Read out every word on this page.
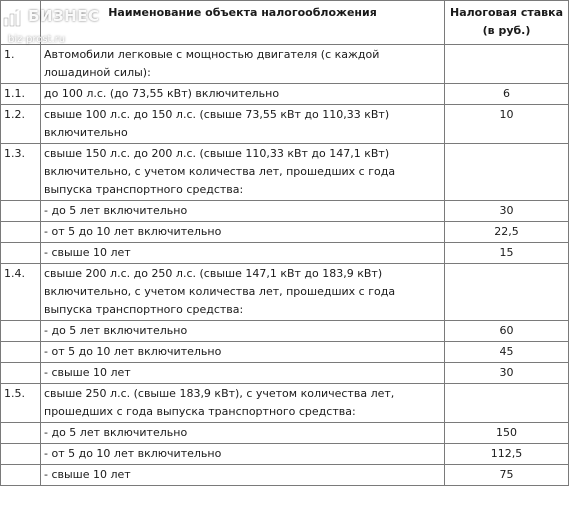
	Наименование объекта налогообложения	Налоговая ставка (в руб.)
1.	Автомобили легковые с мощностью двигателя (с каждой лошадиной силы):	
1.1.	до 100 л.с. (до 73,55 кВт) включительно	6
1.2.	свыше 100 л.с. до 150 л.с. (свыше 73,55 кВт до 110,33 кВт) включительно	10
1.3.	свыше 150 л.с. до 200 л.с. (свыше 110,33 кВт до 147,1 кВт) включительно, с учетом количества лет, прошедших с года выпуска транспортного средства:	
	- до 5 лет включительно	30
	- от 5 до 10 лет включительно	22,5
	- свыше 10 лет	15
1.4.	свыше 200 л.с. до 250 л.с. (свыше 147,1 кВт до 183,9 кВт) включительно, с учетом количества лет, прошедших с года выпуска транспортного средства:	
	- до 5 лет включительно	60
	- от 5 до 10 лет включительно	45
	- свыше 10 лет	30
1.5.	свыше 250 л.с. (свыше 183,9 кВт), с учетом количества лет, прошедших с года выпуска транспортного средства:	
	- до 5 лет включительно	150
	- от 5 до 10 лет включительно	112,5
	- свыше 10 лет	75
БИЗНЕС
biz-prost.ru
